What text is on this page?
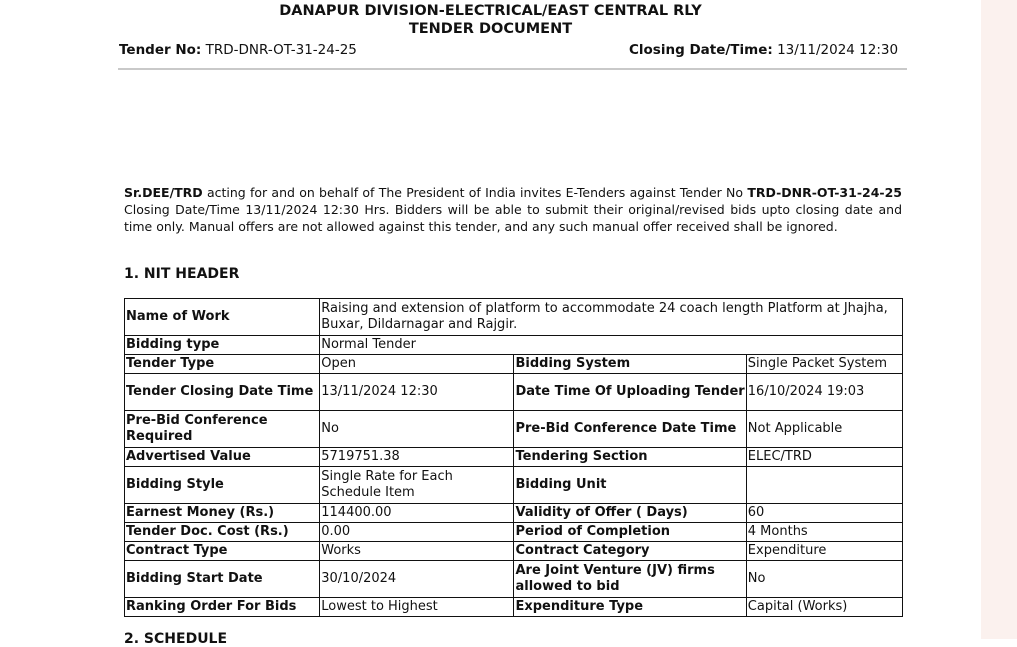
DANAPUR DIVISION-ELECTRICAL/EAST CENTRAL RLY
TENDER DOCUMENT
Tender No: TRD-DNR-OT-31-24-25	Closing Date/Time: 13/11/2024 12:30
Sr.DEE/TRD acting for and on behalf of The President of India invites E-Tenders against Tender No TRD-DNR-OT-31-24-25 Closing Date/Time 13/11/2024 12:30 Hrs. Bidders will be able to submit their original/revised bids upto closing date and time only. Manual offers are not allowed against this tender, and any such manual offer received shall be ignored.
1. NIT HEADER
Name of Work	Raising and extension of platform to accommodate 24 coach length Platform at Jhajha, Buxar, Dildarnagar and Rajgir.		
Bidding type	Normal Tender		
Tender Type	Open	Bidding System	Single Packet System
Tender Closing Date Time	13/11/2024 12:30	Date Time Of Uploading Tender	16/10/2024 19:03
Pre-Bid Conference Required	No	Pre-Bid Conference Date Time	Not Applicable
Advertised Value	5719751.38	Tendering Section	ELEC/TRD
Bidding Style	Single Rate for Each Schedule Item	Bidding Unit	
Earnest Money (Rs.)	114400.00	Validity of Offer ( Days)	60
Tender Doc. Cost (Rs.)	0.00	Period of Completion	4 Months
Contract Type	Works	Contract Category	Expenditure
Bidding Start Date	30/10/2024	Are Joint Venture (JV) firms allowed to bid	No
Ranking Order For Bids	Lowest to Highest	Expenditure Type	Capital (Works)
2. SCHEDULE
